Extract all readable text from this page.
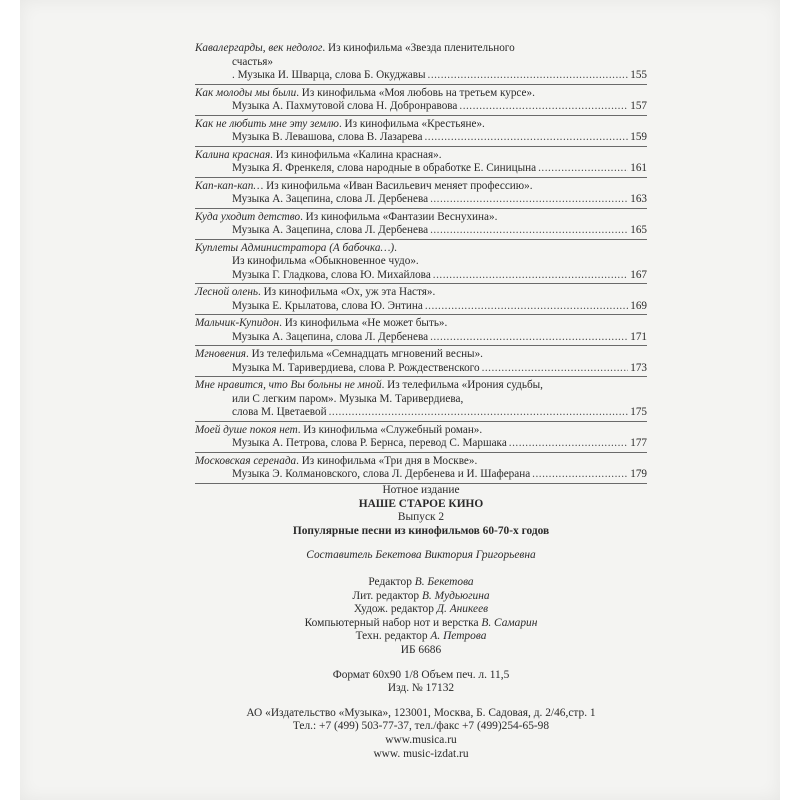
Кавалергарды, век недолог. Из кинофильма «Звезда пленительного
счастья»
. Музыка И. Шварца, слова Б. Окуджавы .....	155
Как молоды мы были. Из кинофильма «Моя любовь на третьем курсе».
Музыка А. Пахмутовой слова Н. Добронравова .....	157
Как не любить мне эту землю. Из кинофильма «Крестьяне».
Музыка В. Левашова, слова В. Лазарева .....	159
Калина красная. Из кинофильма «Калина красная».
Музыка Я. Френкеля, слова народные в обработке Е. Синицына .....	161
Кап-кап-кап… Из кинофильма «Иван Васильевич меняет профессию».
Музыка А. Зацепина, слова Л. Дербенева .....	163
Куда уходит детство. Из кинофильма «Фантазии Веснухина».
Музыка А. Зацепина, слова Л. Дербенева .....	165
Куплеты Администратора (А бабочка…).
Из кинофильма «Обыкновенное чудо».
Музыка Г. Гладкова, слова Ю. Михайлова .....	167
Лесной олень. Из кинофильма «Ох, уж эта Настя».
Музыка Е. Крылатова, слова Ю. Энтина .....	169
Мальчик-Купидон. Из кинофильма «Не может быть».
Музыка А. Зацепина, слова Л. Дербенева .....	171
Мгновения. Из телефильма «Семнадцать мгновений весны».
Музыка М. Таривердиева, слова Р. Рождественского .....	173
Мне нравится, что Вы больны не мной. Из телефильма «Ирония судьбы,
или С легким паром». Музыка М. Таривердиева,
слова М. Цветаевой .....	175
Моей душе покоя нет. Из кинофильма «Служебный роман».
Музыка А. Петрова, слова Р. Бернса, перевод С. Маршака .....	177
Московская серенада. Из кинофильма «Три дня в Москве».
Музыка Э. Колмановского, слова Л. Дербенева и И. Шаферана .....	179
Нотное издание
НАШЕ СТАРОЕ КИНО
Выпуск 2
Популярные песни из кинофильмов 60-70-х годов
Составитель Бекетова Виктория Григорьевна
Редактор В. Бекетова
Лит. редактор В. Мудьюгина
Худож. редактор Д. Аникеев
Компьютерный набор нот и верстка В. Самарин
Техн. редактор А. Петрова
ИБ 6686
Формат 60х90 1/8 Объем печ. л. 11,5
Изд. № 17132
АО «Издательство «Музыка», 123001, Москва, Б. Садовая, д. 2/46,стр. 1
Тел.: +7 (499) 503-77-37, тел./факс +7 (499)254-65-98
www.musica.ru
www. music-izdat.ru
